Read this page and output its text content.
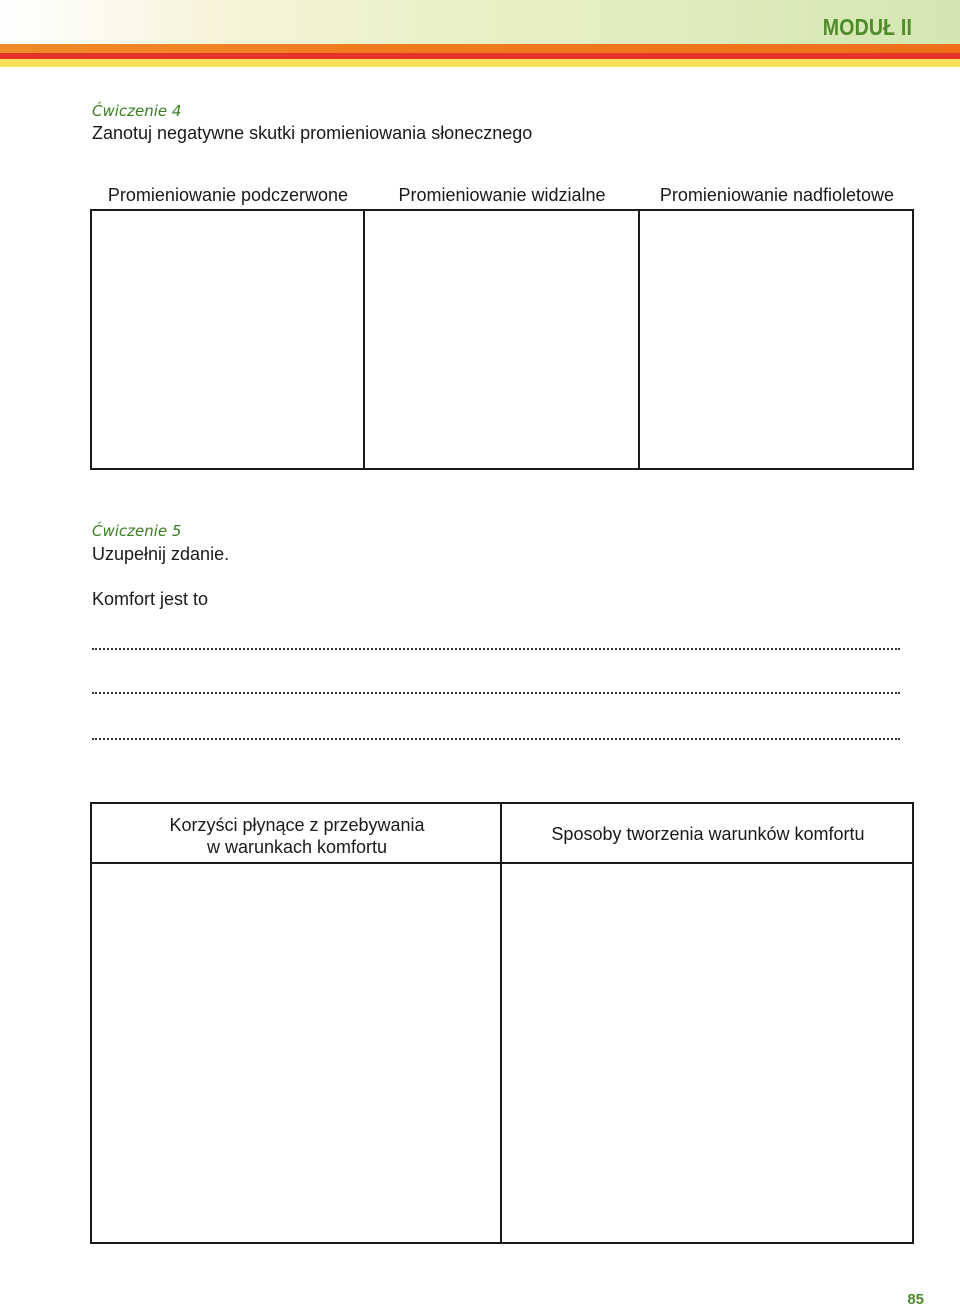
MODUŁ II
Ćwiczenie 4
Zanotuj negatywne skutki promieniowania słonecznego
Promieniowanie podczerwone	Promieniowanie widzialne	Promieniowanie nadfioletowe
Ćwiczenie 5
Uzupełnij zdanie.
Komfort jest to
Korzyści płynące z przebywania
w warunkach komfortu
Sposoby tworzenia warunków komfortu
85
